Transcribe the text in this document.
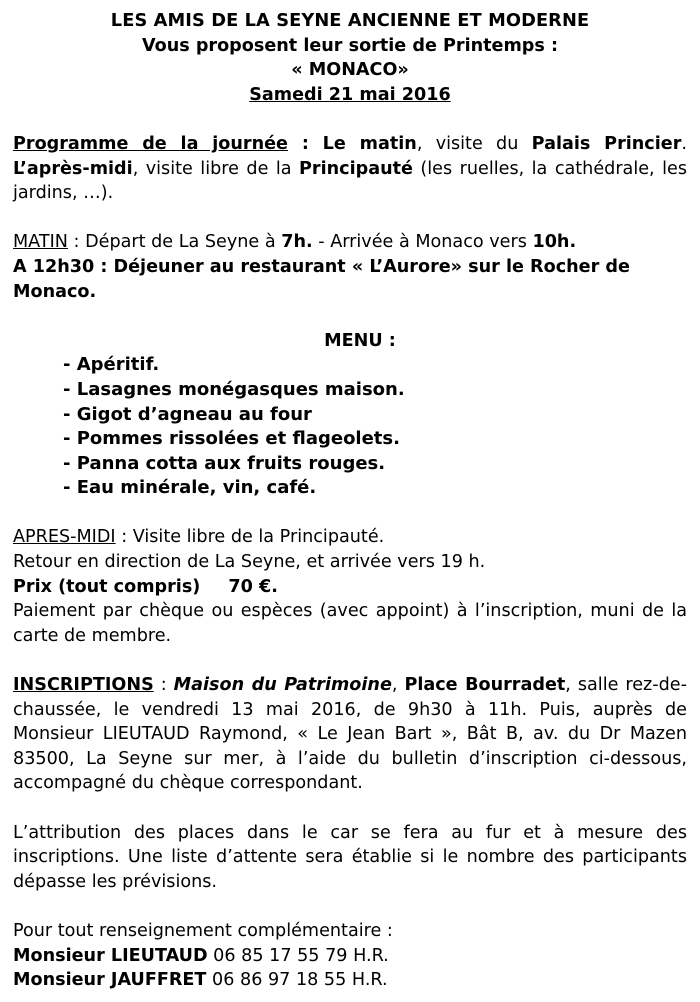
LES AMIS DE LA SEYNE ANCIENNE ET MODERNE
Vous proposent leur sortie de Printemps :
« MONACO»
Samedi 21 mai 2016

Programme de la journée : Le matin, visite du Palais Princier. L’après-midi, visite libre de la Principauté (les ruelles, la cathédrale, les jardins, …).

MATIN : Départ de La Seyne à 7h. - Arrivée à Monaco vers 10h.

A 12h30 : Déjeuner au restaurant « L’Aurore» sur le Rocher de Monaco.

MENU :
- Apéritif.
- Lasagnes monégasques maison.
- Gigot d’agneau au four
- Pommes rissolées et flageolets.
- Panna cotta aux fruits rouges.
- Eau minérale, vin, café.

APRES-MIDI : Visite libre de la Principauté.

Retour en direction de La Seyne, et arrivée vers 19 h.

Prix (tout compris) 70 €.

Paiement par chèque ou espèces (avec appoint) à l’inscription, muni de la carte de membre.

INSCRIPTIONS : Maison du Patrimoine, Place Bourradet, salle rez-de-chaussée, le vendredi 13 mai 2016, de 9h30 à 11h. Puis, auprès de Monsieur LIEUTAUD Raymond, « Le Jean Bart », Bât B, av. du Dr Mazen 83500, La Seyne sur mer, à l’aide du bulletin d’inscription ci-dessous, accompagné du chèque correspondant.

L’attribution des places dans le car se fera au fur et à mesure des inscriptions. Une liste d’attente sera établie si le nombre des participants dépasse les prévisions.

Pour tout renseignement complémentaire :

Monsieur LIEUTAUD 06 85 17 55 79 H.R.

Monsieur JAUFFRET 06 86 97 18 55 H.R.
